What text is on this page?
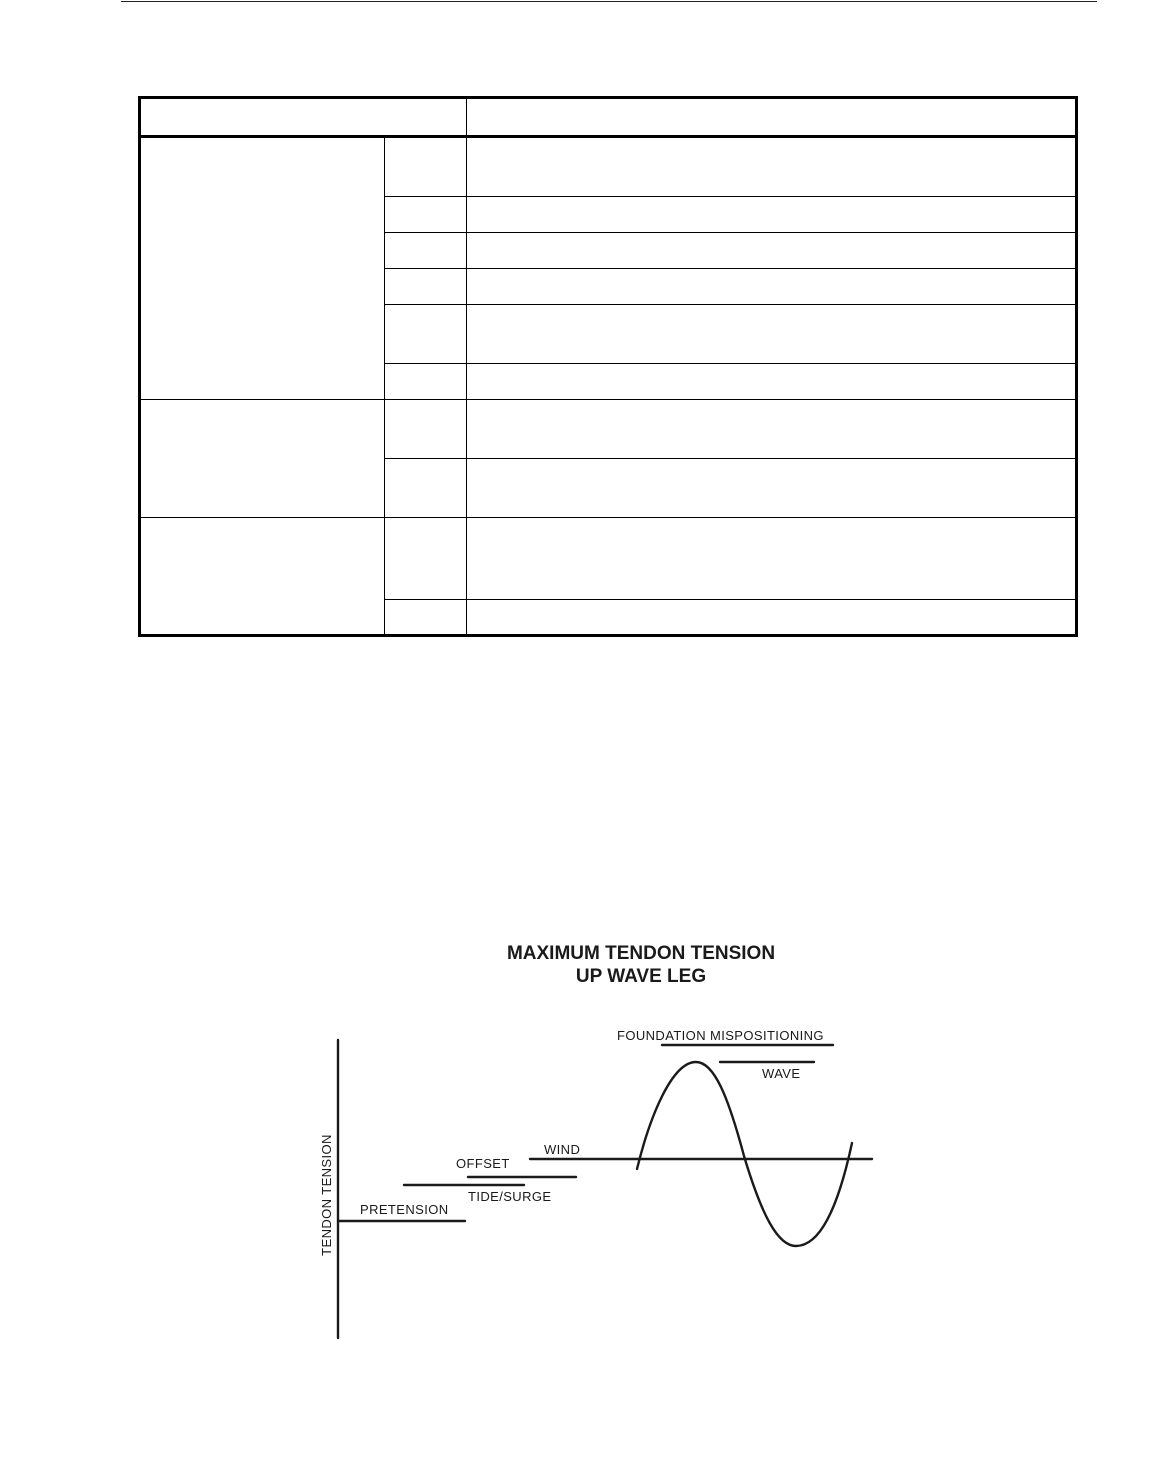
MAXIMUM TENDON TENSION
UP WAVE LEG
TENDON TENSION PRETENSION
TIDE/SURGE
OFFSET
WIND
FOUNDATION MISPOSITIONING
WAVE
